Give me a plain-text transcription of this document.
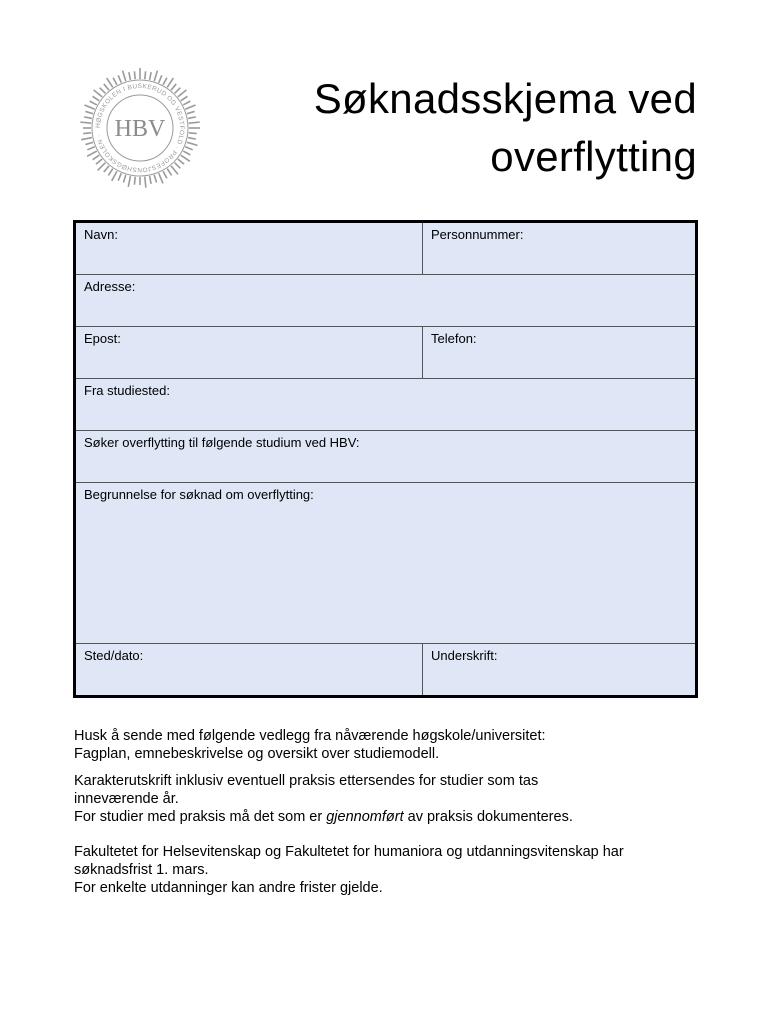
HØGSKOLEN I BUSKERUD OG VESTFOLD · PROFESJONSHØGSKOLEN · HBV
Søknadsskjema ved
overflytting
Navn:	Personnummer:
Adresse:
Epost:	Telefon:
Fra studiested:
Søker overflytting til følgende studium ved HBV:
Begrunnelse for søknad om overflytting:
Sted/dato:	Underskrift:

Husk å sende med følgende vedlegg fra nåværende høgskole/universitet:
Fagplan, emnebeskrivelse og oversikt over studiemodell.

Karakterutskrift inklusiv eventuell praksis ettersendes for studier som tas
inneværende år.
For studier med praksis må det som er gjennomført av praksis dokumenteres.

Fakultetet for Helsevitenskap og Fakultetet for humaniora og utdanningsvitenskap har
søknadsfrist 1. mars.
For enkelte utdanninger kan andre frister gjelde.
